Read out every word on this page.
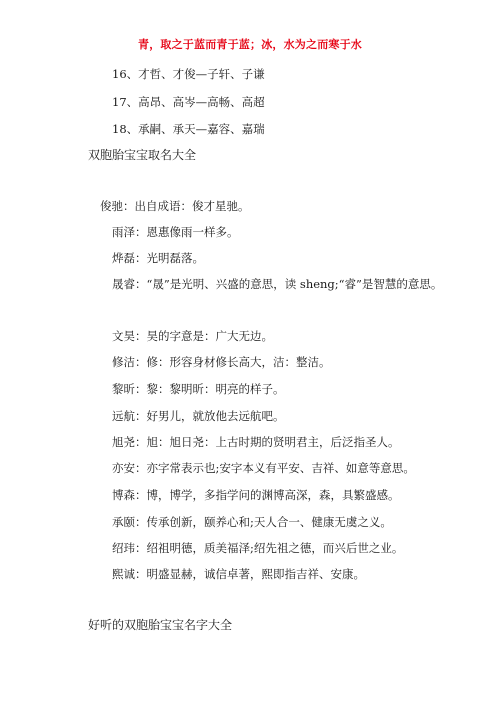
青，取之于蓝而青于蓝；冰，水为之而寒于水
16、才哲、才俊—子轩、子谦
17、高昂、高岑—高畅、高超
18、承嗣、承天—嘉容、嘉瑞
双胞胎宝宝取名大全
俊驰：出自成语：俊才星驰。
雨泽：恩惠像雨一样多。
烨磊：光明磊落。
晟睿：“晟”是光明、兴盛的意思，读 sheng;“睿”是智慧的意思。
文昊：昊的字意是：广大无边。
修洁：修：形容身材修长高大，洁：整洁。
黎昕：黎：黎明昕：明亮的样子。
远航：好男儿，就放他去远航吧。
旭尧：旭：旭日尧：上古时期的贤明君主，后泛指圣人。
亦安：亦字常表示也;安字本义有平安、吉祥、如意等意思。
博森：博，博学，多指学问的渊博高深，森，具繁盛感。
承颐：传承创新，颐养心和;天人合一、健康无虞之义。
绍玮：绍祖明德，质美福泽;绍先祖之德，而兴后世之业。
熙诚：明盛显赫，诚信卓著，熙即指吉祥、安康。
好听的双胞胎宝宝名字大全
